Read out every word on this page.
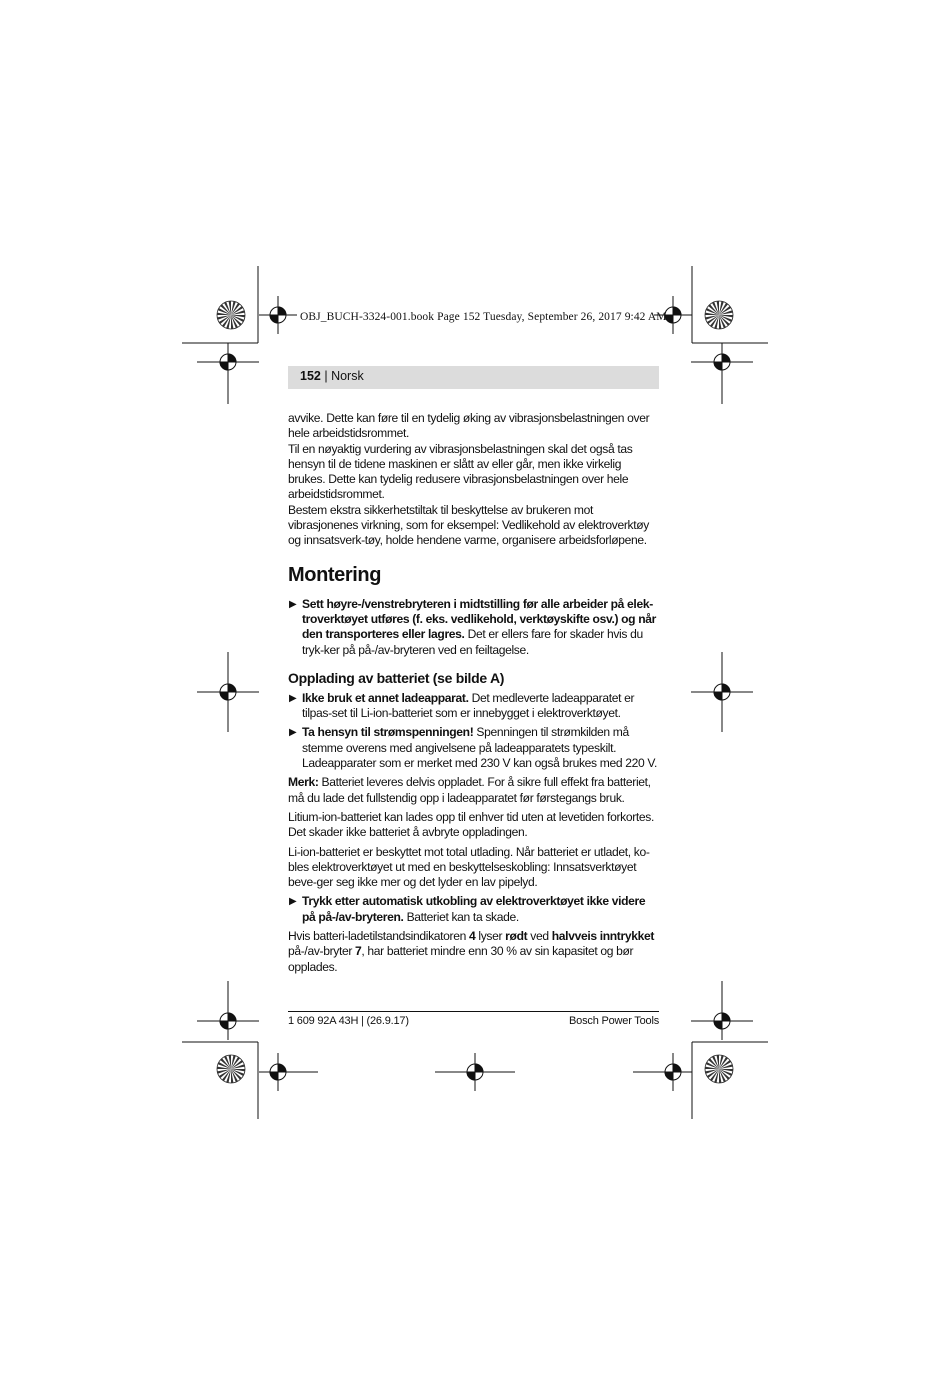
OBJ_BUCH-3324-001.book Page 152 Tuesday, September 26, 2017 9:42 AM
152 | Norsk

avvike. Dette kan føre til en tydelig øking av vibrasjonsbelastningen over hele arbeidstidsrommet.

Til en nøyaktig vurdering av vibrasjonsbelastningen skal det også tas hensyn til de tidene maskinen er slått av eller går, men ikke virkelig brukes. Dette kan tydelig redusere vibrasjonsbelastningen over hele arbeidstidsrommet.

Bestem ekstra sikkerhetstiltak til beskyttelse av brukeren mot vibrasjonenes virkning, som for eksempel: Vedlikehold av elektroverktøy og innsatsverk-tøy, holde hendene varme, organisere arbeidsforløpene.

Montering
▶ Sett høyre-/venstrebryteren i midtstilling før alle arbeider på elek-troverktøyet utføres (f. eks. vedlikehold, verktøyskifte osv.) og når den transporteres eller lagres. Det er ellers fare for skader hvis du tryk-ker på på-/av-bryteren ved en feiltagelse.
Opplading av batteriet (se bilde A)
▶ Ikke bruk et annet ladeapparat. Det medleverte ladeapparatet er tilpas-set til Li-ion-batteriet som er innebygget i elektroverktøyet.
▶ Ta hensyn til strømspenningen! Spenningen til strømkilden må stemme overens med angivelsene på ladeapparatets typeskilt. Ladeapparater som er merket med 230 V kan også brukes med 220 V.

Merk: Batteriet leveres delvis oppladet. For å sikre full effekt fra batteriet, må du lade det fullstendig opp i ladeapparatet før førstegangs bruk.

Litium-ion-batteriet kan lades opp til enhver tid uten at levetiden forkortes. Det skader ikke batteriet å avbryte oppladingen.

Li-ion-batteriet er beskyttet mot total utlading. Når batteriet er utladet, ko-bles elektroverktøyet ut med en beskyttelseskobling: Innsatsverktøyet beve-ger seg ikke mer og det lyder en lav pipelyd.

▶ Trykk etter automatisk utkobling av elektroverktøyet ikke videre på på-/av-bryteren. Batteriet kan ta skade.

Hvis batteri-ladetilstandsindikatoren 4 lyser rødt ved halvveis inntrykket på-/av-bryter 7, har batteriet mindre enn 30 % av sin kapasitet og bør opplades.

1 609 92A 43H | (26.9.17)	Bosch Power Tools
